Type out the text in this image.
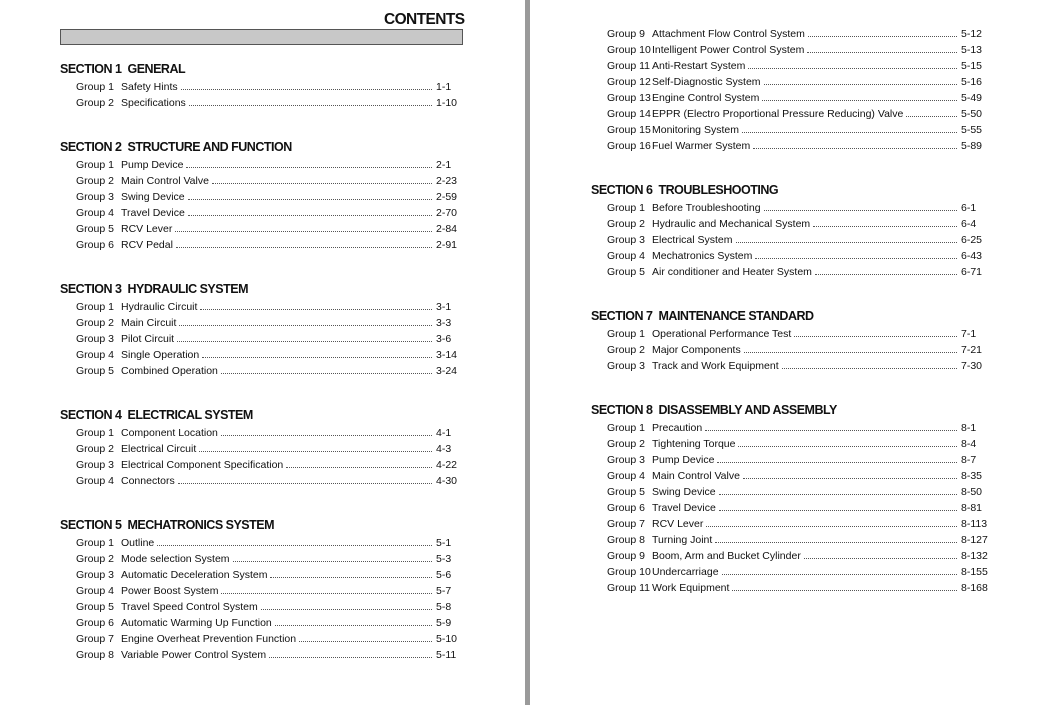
CONTENTS
SECTION 1 GENERAL
Group 1 Safety Hints	1-1
Group 2 Specifications	1-10
SECTION 2 STRUCTURE AND FUNCTION
Group 1 Pump Device	2-1
Group 2 Main Control Valve	2-23
Group 3 Swing Device	2-59
Group 4 Travel Device	2-70
Group 5 RCV Lever	2-84
Group 6 RCV Pedal	2-91
SECTION 3 HYDRAULIC SYSTEM
Group 1 Hydraulic Circuit	3-1
Group 2 Main Circuit	3-3
Group 3 Pilot Circuit	3-6
Group 4 Single Operation	3-14
Group 5 Combined Operation	3-24
SECTION 4 ELECTRICAL SYSTEM
Group 1 Component Location	4-1
Group 2 Electrical Circuit	4-3
Group 3 Electrical Component Specification	4-22
Group 4 Connectors	4-30
SECTION 5 MECHATRONICS SYSTEM
Group 1 Outline	5-1
Group 2 Mode selection System	5-3
Group 3 Automatic Deceleration System	5-6
Group 4 Power Boost System	5-7
Group 5 Travel Speed Control System	5-8
Group 6 Automatic Warming Up Function	5-9
Group 7 Engine Overheat Prevention Function	5-10
Group 8 Variable Power Control System	5-11
Group 9 Attachment Flow Control System	5-12
Group 10 Intelligent Power Control System	5-13
Group 11 Anti-Restart System	5-15
Group 12 Self-Diagnostic System	5-16
Group 13 Engine Control System	5-49
Group 14 EPPR (Electro Proportional Pressure Reducing) Valve	5-50
Group 15 Monitoring System	5-55
Group 16 Fuel Warmer System	5-89
SECTION 6 TROUBLESHOOTING
Group 1 Before Troubleshooting	6-1
Group 2 Hydraulic and Mechanical System	6-4
Group 3 Electrical System	6-25
Group 4 Mechatronics System	6-43
Group 5 Air conditioner and Heater System	6-71
SECTION 7 MAINTENANCE STANDARD
Group 1 Operational Performance Test	7-1
Group 2 Major Components	7-21
Group 3 Track and Work Equipment	7-30
SECTION 8 DISASSEMBLY AND ASSEMBLY
Group 1 Precaution	8-1
Group 2 Tightening Torque	8-4
Group 3 Pump Device	8-7
Group 4 Main Control Valve	8-35
Group 5 Swing Device	8-50
Group 6 Travel Device	8-81
Group 7 RCV Lever	8-113
Group 8 Turning Joint	8-127
Group 9 Boom, Arm and Bucket Cylinder	8-132
Group 10 Undercarriage	8-155
Group 11 Work Equipment	8-168
